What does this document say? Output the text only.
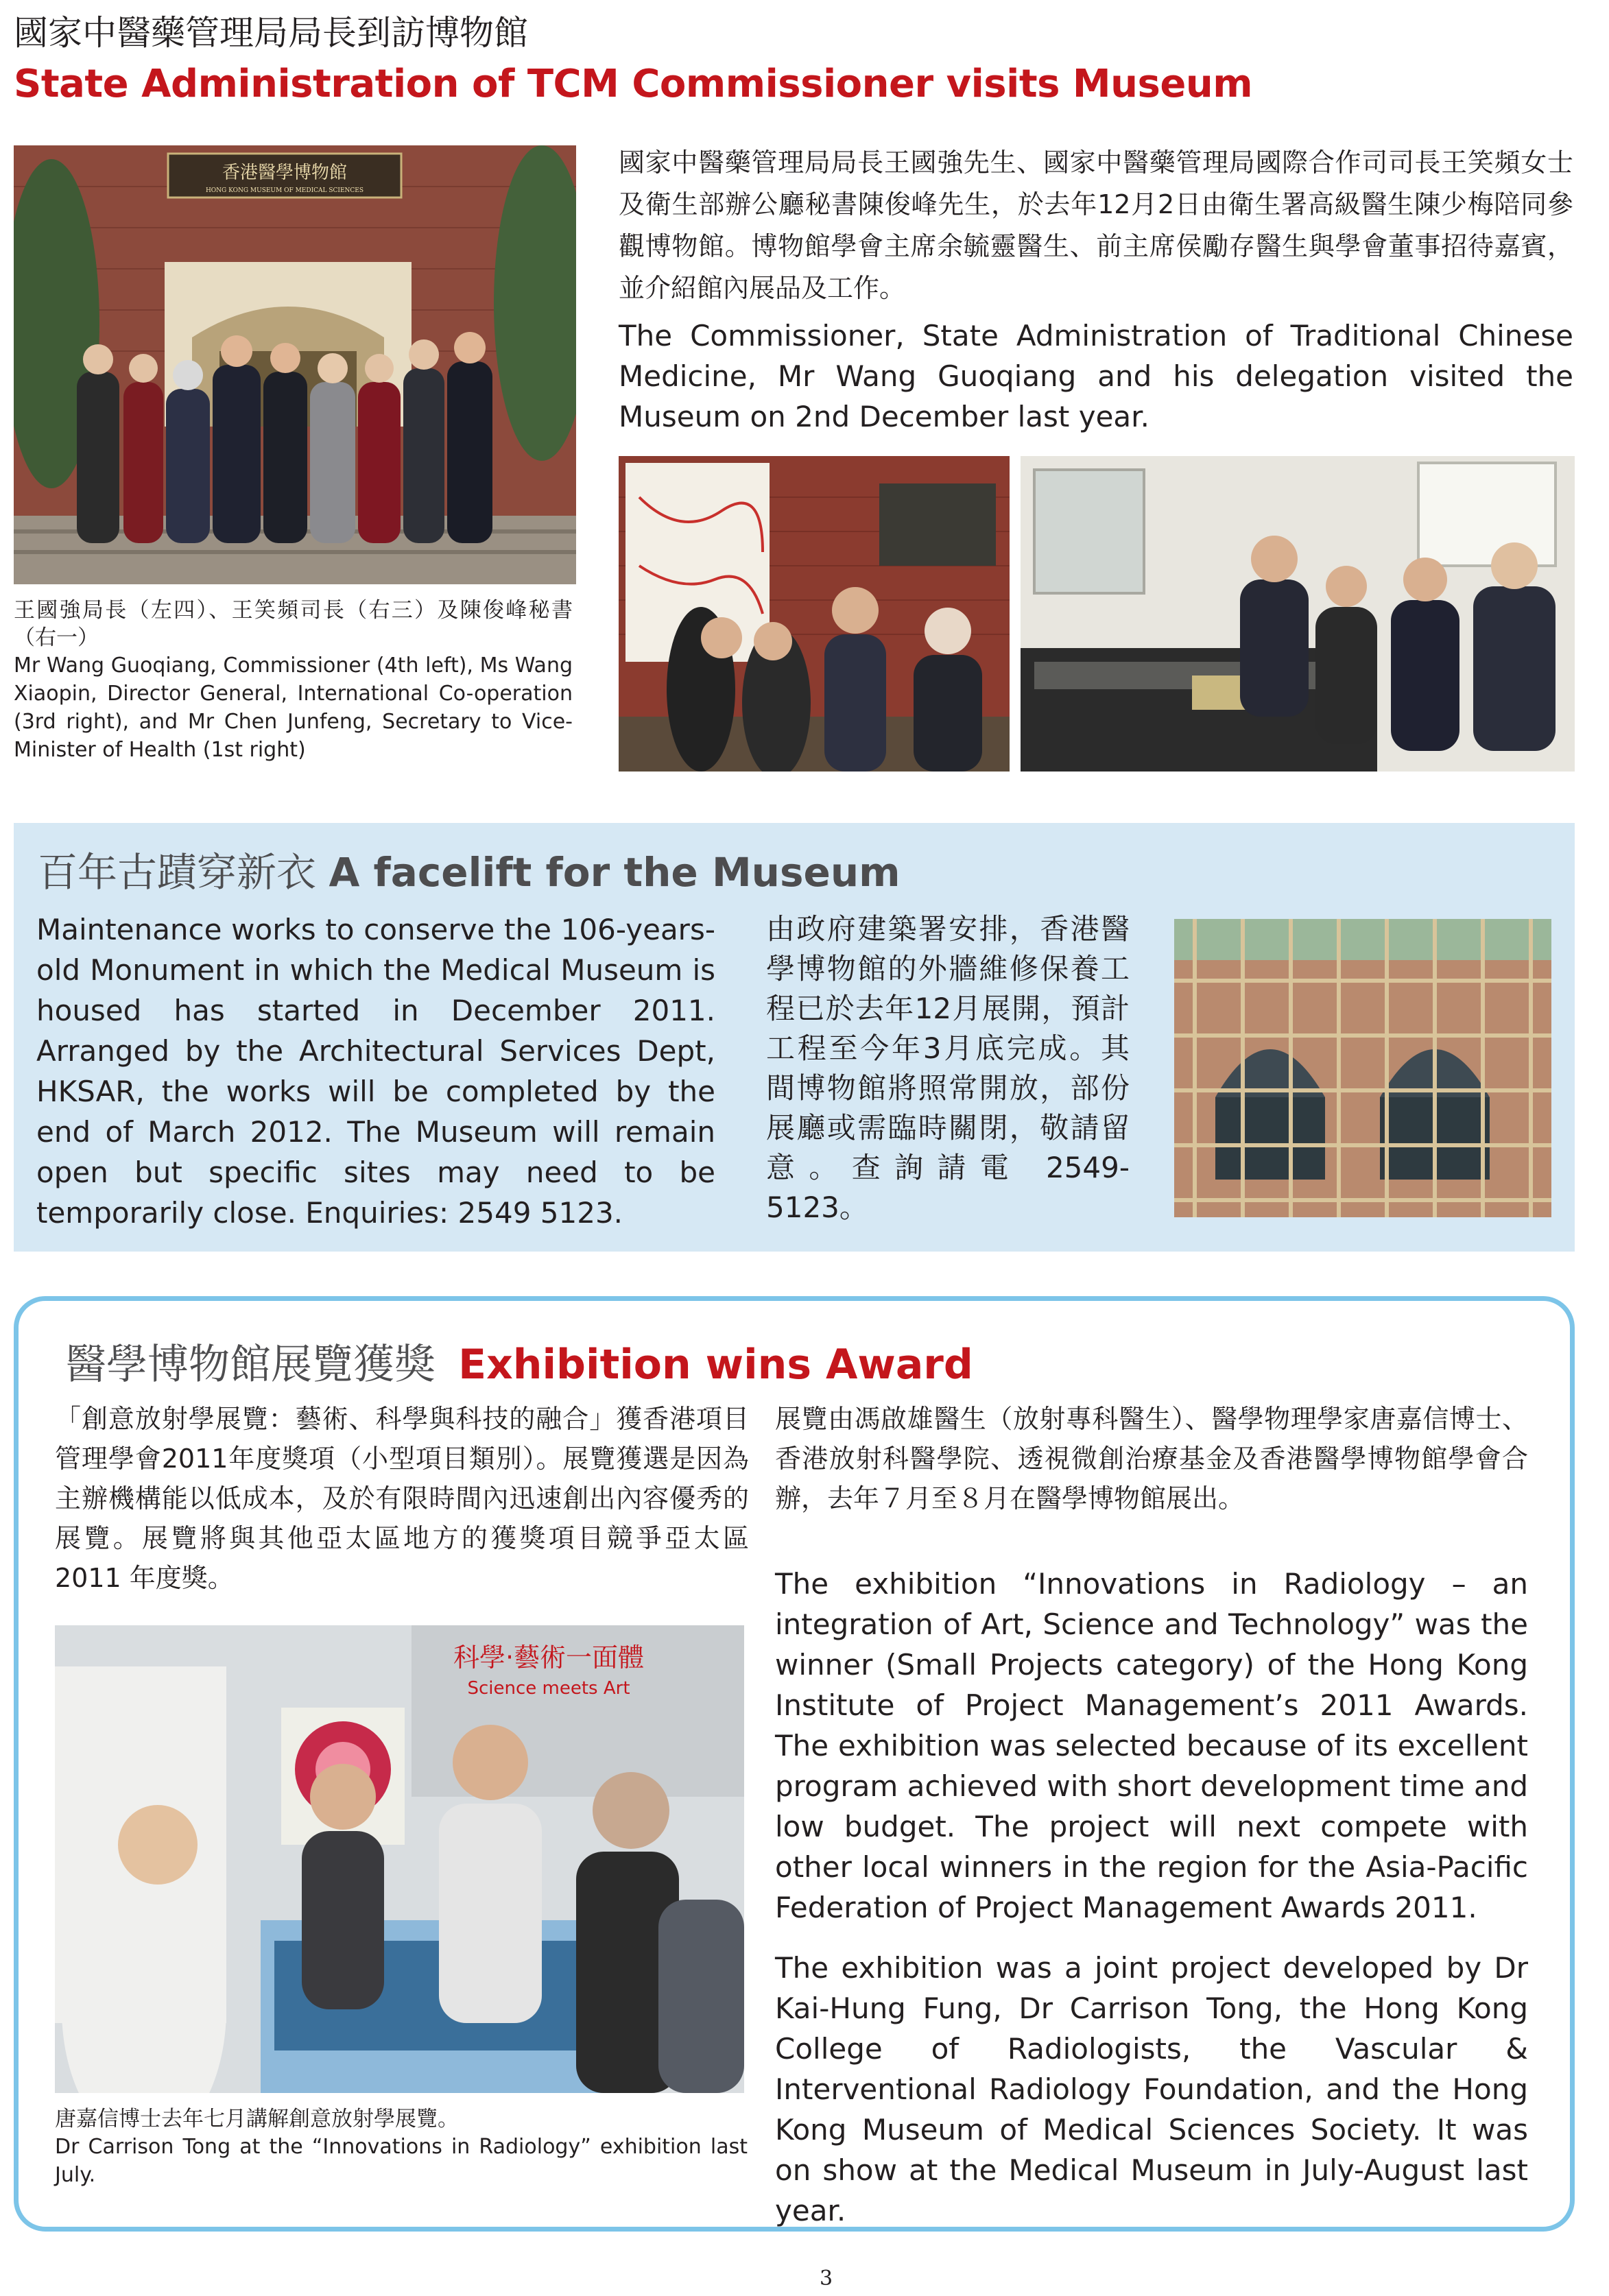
國家中醫藥管理局局長到訪博物館
State Administration of TCM Commissioner visits Museum
香港醫學博物館
HONG KONG MUSEUM OF MEDICAL SCIENCES
王國強局長（左四）、王笑頻司長（右三）及陳俊峰秘書（右一）
Mr Wang Guoqiang, Commissioner (4th left), Ms Wang Xiaopin, Director General, International Co-operation (3rd right), and Mr Chen Junfeng, Secretary to Vice-Minister of Health (1st right)
國家中醫藥管理局局長王國強先生、國家中醫藥管理局國際合作司司長王笑頻女士及衛生部辦公廳秘書陳俊峰先生，於去年12月2日由衛生署高級醫生陳少梅陪同參觀博物館。博物館學會主席余毓靈醫生、前主席侯勵存醫生與學會董事招待嘉賓，並介紹館內展品及工作。
The Commissioner, State Administration of Traditional Chinese Medicine, Mr Wang Guoqiang and his delegation visited the Museum on 2nd December last year.
百年古蹟穿新衣 A facelift for the Museum
Maintenance works to conserve the 106-years-old Monument in which the Medical Museum is housed has started in December 2011. Arranged by the Architectural Services Dept, HKSAR, the works will be completed by the end of March 2012. The Museum will remain open but specific sites may need to be temporarily close. Enquiries: 2549 5123.
由政府建築署安排，香港醫學博物館的外牆維修保養工程已於去年12月展開，預計工程至今年3月底完成。其間博物館將照常開放，部份展廳或需臨時關閉，敬請留意。查詢請電 2549-5123。
醫學博物館展覽獲獎 Exhibition wins Award
「創意放射學展覽：藝術、科學與科技的融合」獲香港項目管理學會2011年度獎項（小型項目類別）。展覽獲選是因為主辦機構能以低成本，及於有限時間內迅速創出內容優秀的展覽。展覽將與其他亞太區地方的獲獎項目競爭亞太區 2011 年度獎。
科學‧藝術一面體
Science meets Art
唐嘉信博士去年七月講解創意放射學展覽。
Dr Carrison Tong at the “Innovations in Radiology” exhibition last July.
展覽由馮啟雄醫生（放射專科醫生）、醫學物理學家唐嘉信博士、香港放射科醫學院、透視微創治療基金及香港醫學博物館學會合辦，去年７月至８月在醫學博物館展出。
The exhibition “Innovations in Radiology – an integration of Art, Science and Technology” was the winner (Small Projects category) of the Hong Kong Institute of Project Management’s 2011 Awards. The exhibition was selected because of its excellent program achieved with short development time and low budget. The project will next compete with other local winners in the region for the Asia-Pacific Federation of Project Management Awards 2011.
The exhibition was a joint project developed by Dr Kai-Hung Fung, Dr Carrison Tong, the Hong Kong College of Radiologists, the Vascular & Interventional Radiology Foundation, and the Hong Kong Museum of Medical Sciences Society. It was on show at the Medical Museum in July-August last year.
3
